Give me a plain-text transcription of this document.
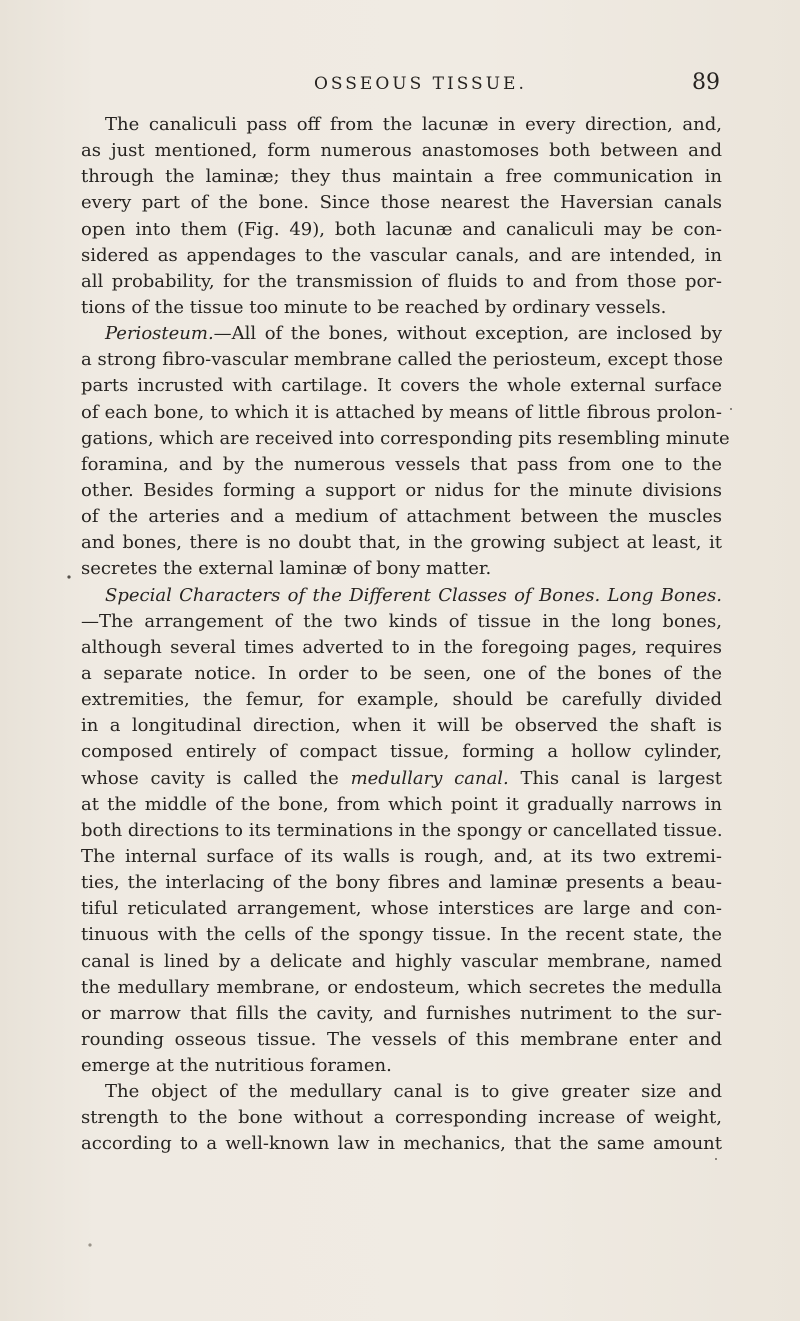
OSSEOUS TISSUE.	89
The canaliculi pass off from the lacunæ in every direction, and,
as just mentioned, form numerous anastomoses both between and
through the laminæ; they thus maintain a free communication in
every part of the bone. Since those nearest the Haversian canals
open into them (Fig. 49), both lacunæ and canaliculi may be con-
sidered as appendages to the vascular canals, and are intended, in
all probability, for the transmission of fluids to and from those por-
tions of the tissue too minute to be reached by ordinary vessels.
Periosteum.—All of the bones, without exception, are inclosed by
a strong fibro-vascular membrane called the periosteum, except those
parts incrusted with cartilage. It covers the whole external surface
of each bone, to which it is attached by means of little fibrous prolon-
gations, which are received into corresponding pits resembling minute
foramina, and by the numerous vessels that pass from one to the
other. Besides forming a support or nidus for the minute divisions
of the arteries and a medium of attachment between the muscles
and bones, there is no doubt that, in the growing subject at least, it
secretes the external laminæ of bony matter.
Special Characters of the Different Classes of Bones. Long Bones.
—The arrangement of the two kinds of tissue in the long bones,
although several times adverted to in the foregoing pages, requires
a separate notice. In order to be seen, one of the bones of the
extremities, the femur, for example, should be carefully divided
in a longitudinal direction, when it will be observed the shaft is
composed entirely of compact tissue, forming a hollow cylinder,
whose cavity is called the medullary canal. This canal is largest
at the middle of the bone, from which point it gradually narrows in
both directions to its terminations in the spongy or cancellated tissue.
The internal surface of its walls is rough, and, at its two extremi-
ties, the interlacing of the bony fibres and laminæ presents a beau-
tiful reticulated arrangement, whose interstices are large and con-
tinuous with the cells of the spongy tissue. In the recent state, the
canal is lined by a delicate and highly vascular membrane, named
the medullary membrane, or endosteum, which secretes the medulla
or marrow that fills the cavity, and furnishes nutriment to the sur-
rounding osseous tissue. The vessels of this membrane enter and
emerge at the nutritious foramen.
The object of the medullary canal is to give greater size and
strength to the bone without a corresponding increase of weight,
according to a well-known law in mechanics, that the same amount
